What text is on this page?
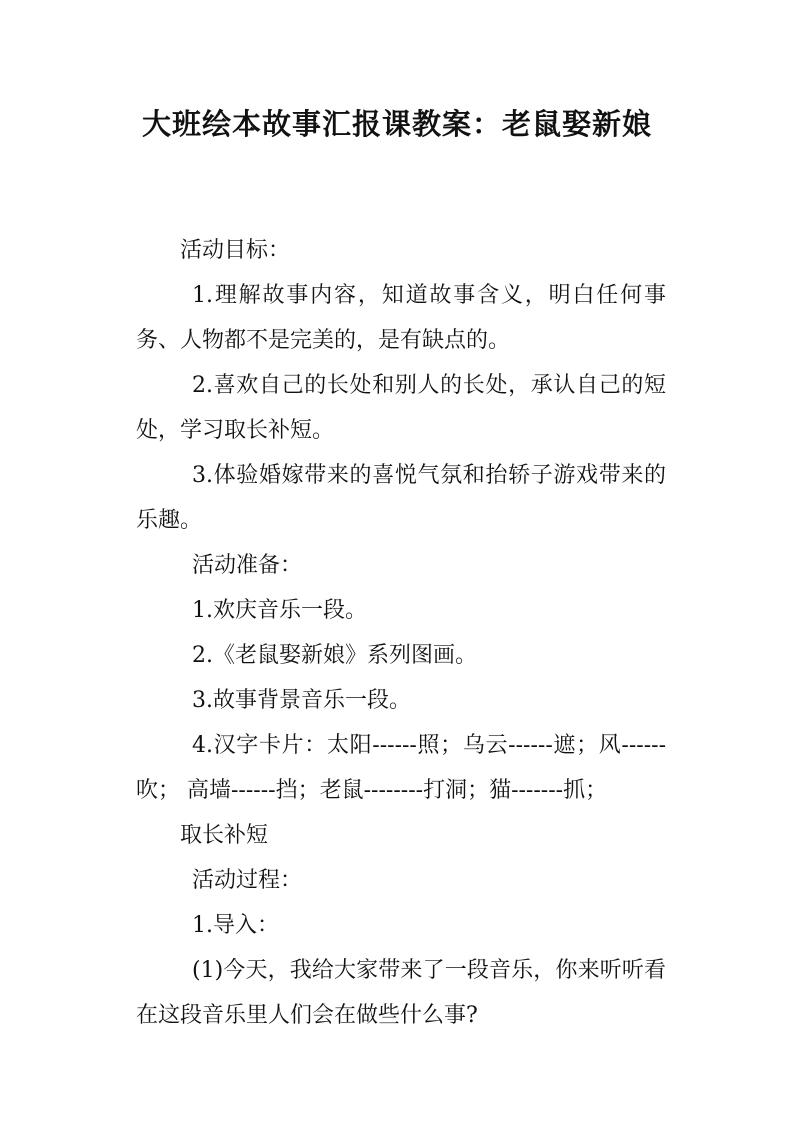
大班绘本故事汇报课教案：老鼠娶新娘

活动目标：

1.理解故事内容，知道故事含义，明白任何事务、人物都不是完美的，是有缺点的。

2.喜欢自己的长处和别人的长处，承认自己的短处，学习取长补短。

3.体验婚嫁带来的喜悦气氛和抬轿子游戏带来的乐趣。

活动准备：

1.欢庆音乐一段。

2.《老鼠娶新娘》系列图画。

3.故事背景音乐一段。

4.汉字卡片：太阳------照；乌云------遮；风------吹； 高墙------挡；老鼠--------打洞；猫-------抓；

取长补短

活动过程：

1.导入：

(1)今天，我给大家带来了一段音乐，你来听听看在这段音乐里人们会在做些什么事?
